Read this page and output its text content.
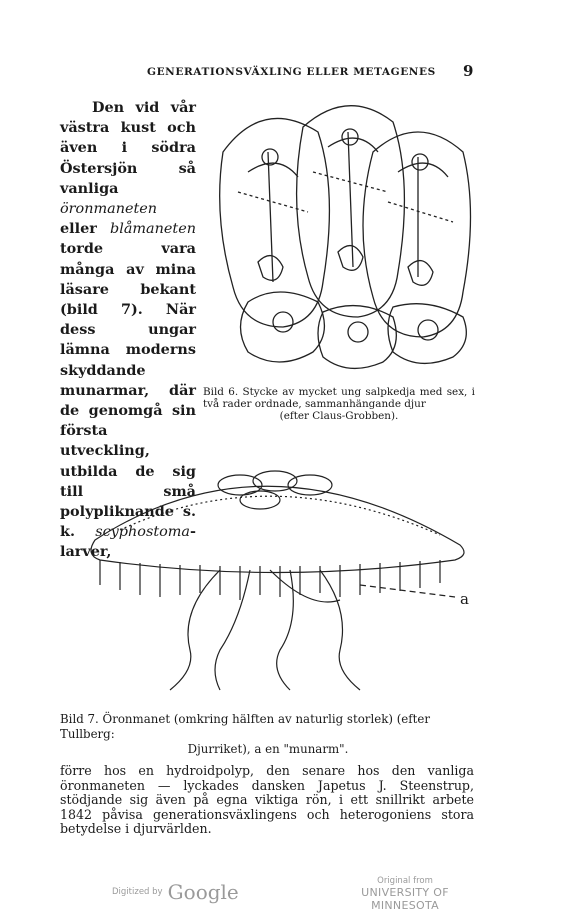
GENERATIONSVÄXLING ELLER METAGENES	9

Den vid vår västra kust och även i södra Östersjön så vanliga öronmaneten eller blåmaneten torde vara många av mina läsare bekant (bild 7). När dess ungar lämna moderns skyddande munarmar, där de genomgå sin första utveckling, utbilda de sig till små polypliknande s. k. scyphostoma-larver,

Bild 6. Stycke av mycket ung salpkedja med sex, i två rader ordnade, sammanhängande djur
(efter Claus-Grobben).
a
Bild 7. Öronmanet (omkring hälften av naturlig storlek) (efter Tullberg:
Djurriket), a en "munarm".
förre hos en hydroidpolyp, den senare hos den vanliga öronmaneten — lyckades dansken Japetus J. Steenstrup, stödjande sig även på egna viktiga rön, i ett snillrikt arbete 1842 påvisa generationsväxlingens och heterogoniens stora betydelse i djurvärlden.
Digitized by Google	Original from
UNIVERSITY OF MINNESOTA
